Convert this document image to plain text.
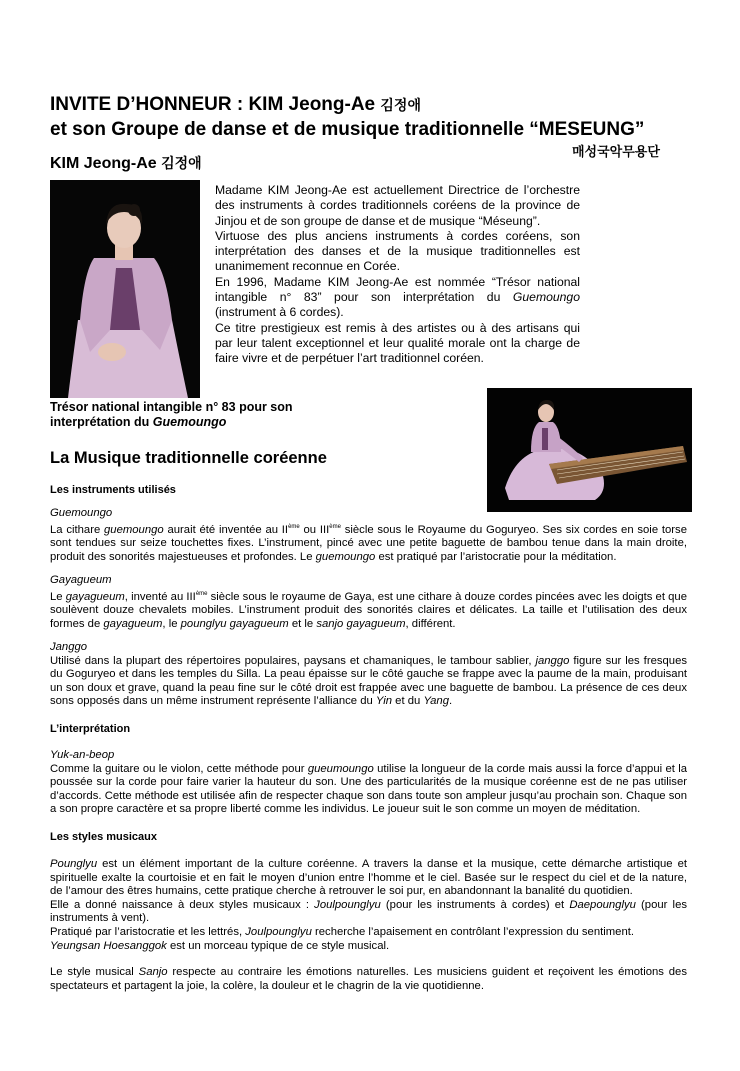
INVITE D’HONNEUR : KIM Jeong-Ae 김정애
et son Groupe de danse et de musique traditionnelle “MESEUNG”
매성국악무용단
KIM Jeong-Ae 김정애
Madame KIM Jeong-Ae est actuellement Directrice de l’orchestre des instruments à cordes traditionnels coréens de la province de Jinjou et de son groupe de danse et de musique “Méseung”.
Virtuose des plus anciens instruments à cordes coréens, son interprétation des danses et de la musique traditionnelles est unanimement reconnue en Corée.
En 1996, Madame KIM Jeong-Ae est nommée “Trésor national intangible n° 83” pour son interprétation du Guemoungo (instrument à 6 cordes).
Ce titre prestigieux est remis à des artistes ou à des artisans qui par leur talent exceptionnel et leur qualité morale ont la charge de faire vivre et de perpétuer l’art traditionnel coréen.
Trésor national intangible n° 83 pour son interprétation du Guemoungo
La Musique traditionnelle coréenne
Les instruments utilisés
Guemoungo
La cithare guemoungo aurait été inventée au IIème ou IIIème siècle sous le Royaume du Goguryeo. Ses six cordes en soie torse sont tendues sur seize touchettes fixes. L’instrument, pincé avec une petite baguette de bambou tenue dans la main droite, produit des sonorités majestueuses et profondes. Le guemoungo est pratiqué par l’aristocratie pour la méditation.
Gayagueum
Le gayagueum, inventé au IIIème siècle sous le royaume de Gaya, est une cithare à douze cordes pincées avec les doigts et que soulèvent douze chevalets mobiles. L’instrument produit des sonorités claires et délicates. La taille et l’utilisation des deux formes de gayagueum, le pounglyu gayagueum et le sanjo gayagueum, différent.
Janggo
Utilisé dans la plupart des répertoires populaires, paysans et chamaniques, le tambour sablier, janggo figure sur les fresques du Goguryeo et dans les temples du Silla. La peau épaisse sur le côté gauche se frappe avec la paume de la main, produisant un son doux et grave, quand la peau fine sur le côté droit est frappée avec une baguette de bambou. La présence de ces deux sons opposés dans un même instrument représente l’alliance du Yin et du Yang.
L’interprétation
Yuk-an-beop
Comme la guitare ou le violon, cette méthode pour gueumoungo utilise la longueur de la corde mais aussi la force d’appui et la poussée sur la corde pour faire varier la hauteur du son. Une des particularités de la musique coréenne est de ne pas utiliser d’accords. Cette méthode est utilisée afin de respecter chaque son dans toute son ampleur jusqu’au prochain son. Chaque son a son propre caractère et sa propre liberté comme les individus. Le joueur suit le son comme un moyen de méditation.
Les styles musicaux
Pounglyu est un élément important de la culture coréenne. A travers la danse et la musique, cette démarche artistique et spirituelle exalte la courtoisie et en fait le moyen d’union entre l’homme et le ciel. Basée sur le respect du ciel et de la nature, de l’amour des êtres humains, cette pratique cherche à retrouver le soi pur, en abandonnant la banalité du quotidien.
Elle a donné naissance à deux styles musicaux : Joulpounglyu (pour les instruments à cordes) et Daepounglyu (pour les instruments à vent).
Pratiqué par l’aristocratie et les lettrés, Joulpounglyu recherche l’apaisement en contrôlant l’expression du sentiment.
Yeungsan Hoesanggok est un morceau typique de ce style musical.
Le style musical Sanjo respecte au contraire les émotions naturelles. Les musiciens guident et reçoivent les émotions des spectateurs et partagent la joie, la colère, la douleur et le chagrin de la vie quotidienne.
